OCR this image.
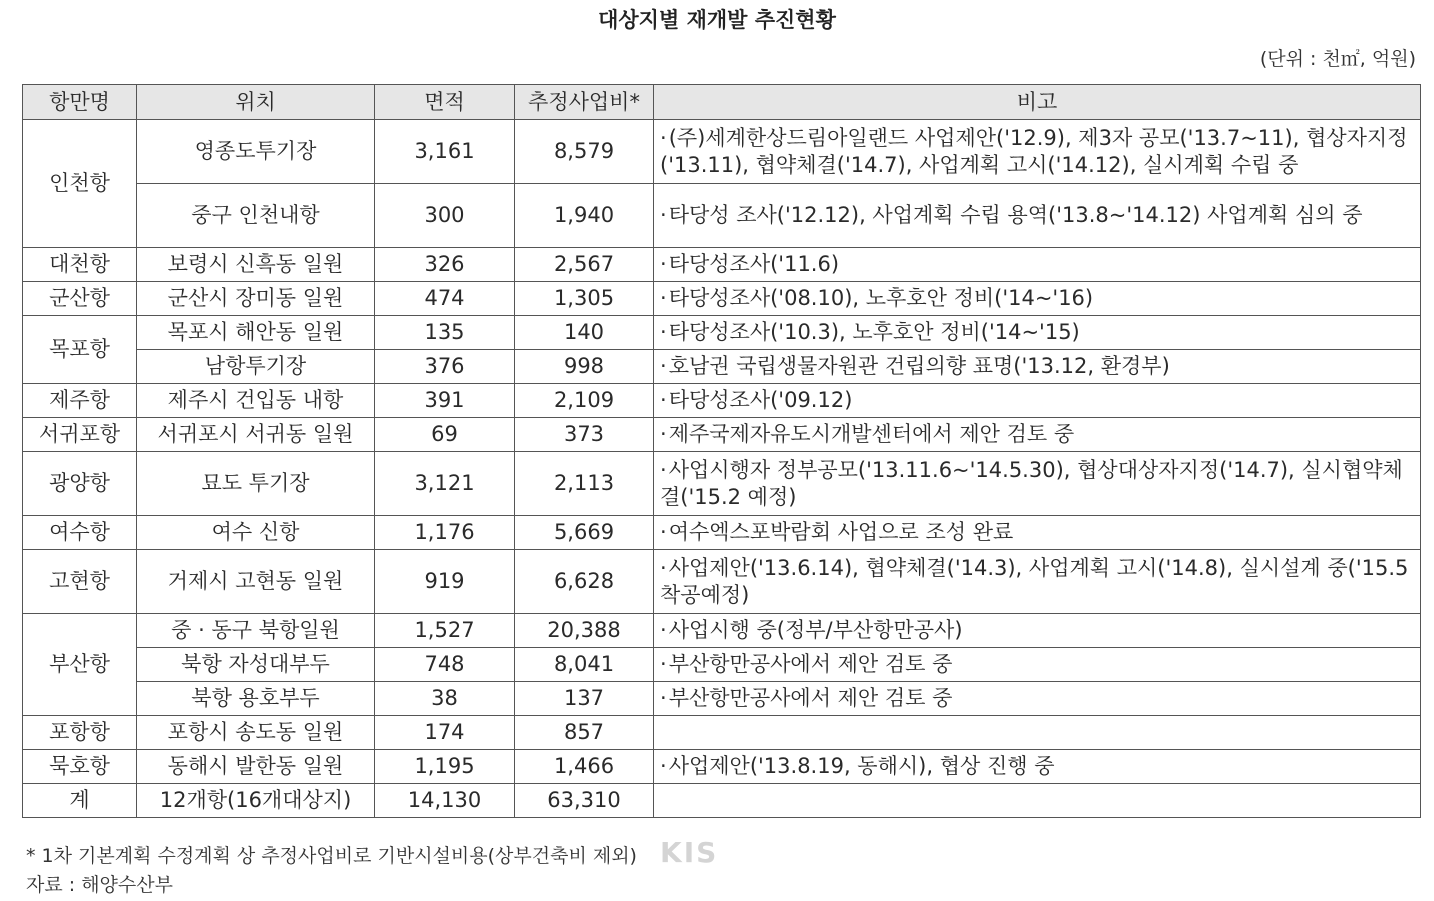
대상지별 재개발 추진현황
(단위 : 천㎡, 억원)
항만명	위치	면적	추정사업비*	비고
인천항	영종도투기장	3,161	8,579	·(주)세계한상드림아일랜드 사업제안('12.9), 제3자 공모('13.7~11), 협상자지정('13.11), 협약체결('14.7), 사업계획 고시('14.12), 실시계획 수립 중
	중구 인천내항	300	1,940	·타당성 조사('12.12), 사업계획 수립 용역('13.8~'14.12) 사업계획 심의 중
대천항	보령시 신흑동 일원	326	2,567	·타당성조사('11.6)
군산항	군산시 장미동 일원	474	1,305	·타당성조사('08.10), 노후호안 정비('14~'16)
목포항	목포시 해안동 일원	135	140	·타당성조사('10.3), 노후호안 정비('14~'15)
	남항투기장	376	998	·호남권 국립생물자원관 건립의향 표명('13.12, 환경부)
제주항	제주시 건입동 내항	391	2,109	·타당성조사('09.12)
서귀포항	서귀포시 서귀동 일원	69	373	·제주국제자유도시개발센터에서 제안 검토 중
광양항	묘도 투기장	3,121	2,113	·사업시행자 정부공모('13.11.6~'14.5.30), 협상대상자지정('14.7), 실시협약체결('15.2 예정)
여수항	여수 신항	1,176	5,669	·여수엑스포박람회 사업으로 조성 완료
고현항	거제시 고현동 일원	919	6,628	·사업제안('13.6.14), 협약체결('14.3), 사업계획 고시('14.8), 실시설계 중('15.5 착공예정)
부산항	중 · 동구 북항일원	1,527	20,388	·사업시행 중(정부/부산항만공사)
	북항 자성대부두	748	8,041	·부산항만공사에서 제안 검토 중
	북항 용호부두	38	137	·부산항만공사에서 제안 검토 중
포항항	포항시 송도동 일원	174	857	
묵호항	동해시 발한동 일원	1,195	1,466	·사업제안('13.8.19, 동해시), 협상 진행 중
계	12개항(16개대상지)	14,130	63,310	
* 1차 기본계획 수정계획 상 추정사업비로 기반시설비용(상부건축비 제외)
자료 : 해양수산부
KIS
